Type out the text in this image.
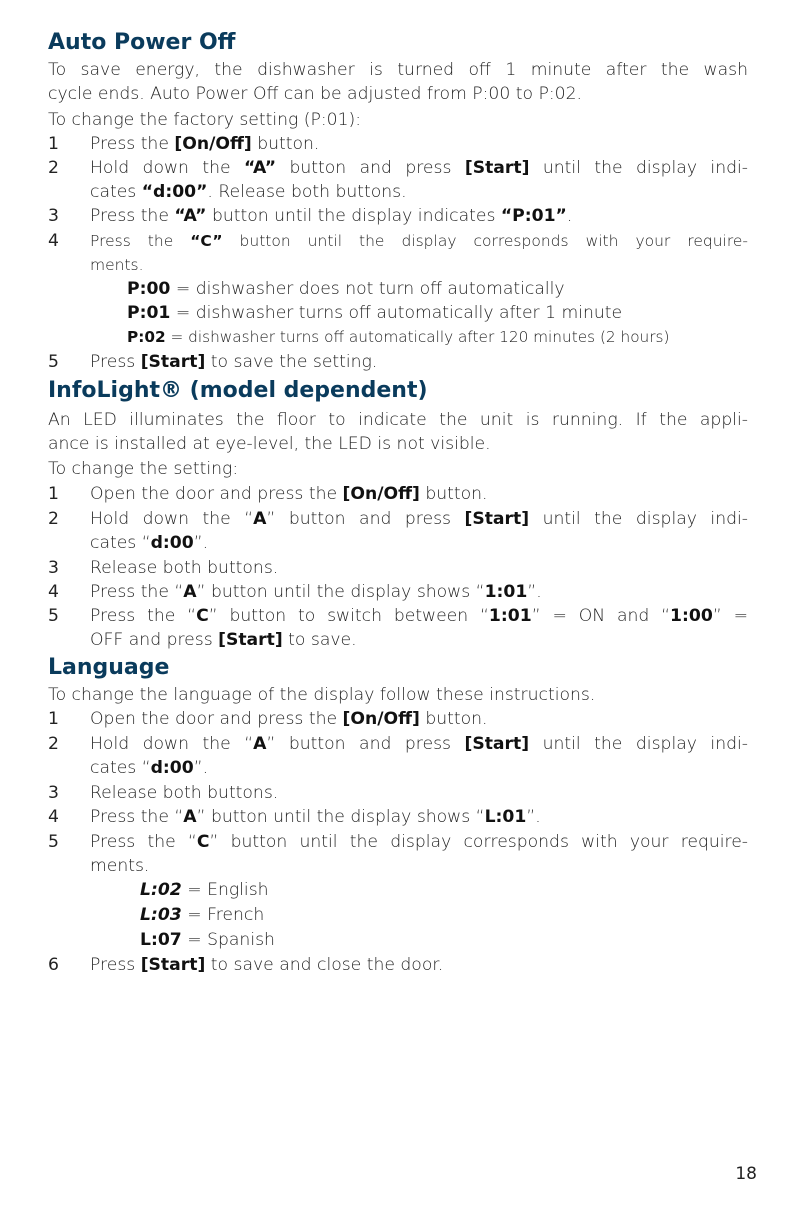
Auto Power Off

To save energy, the dishwasher is turned off 1 minute after the wash

cycle ends. Auto Power Off can be adjusted from P:00 to P:02.

To change the factory setting (P:01):

1 Press the [On/Off] button.

2 Hold down the “A” button and press [Start] until the display indi-

cates “d:00”. Release both buttons.

3 Press the “A” button until the display indicates “P:01”.

4 Press the “C” button until the display corresponds with your require-

ments.

P:00 = dishwasher does not turn off automatically

P:01 = dishwasher turns off automatically after 1 minute

P:02 = dishwasher turns off automatically after 120 minutes (2 hours)

5 Press [Start] to save the setting.

InfoLight® (model dependent)

An LED illuminates the floor to indicate the unit is running. If the appli-

ance is installed at eye-level, the LED is not visible.

To change the setting:

1 Open the door and press the [On/Off] button.

2 Hold down the “A” button and press [Start] until the display indi-

cates “d:00”.

3 Release both buttons.

4 Press the “A” button until the display shows “1:01”.

5 Press the “C” button to switch between “1:01” = ON and “1:00” =

OFF and press [Start] to save.

Language

To change the language of the display follow these instructions.

1 Open the door and press the [On/Off] button.

2 Hold down the “A” button and press [Start] until the display indi-

cates “d:00”.

3 Release both buttons.

4 Press the “A” button until the display shows “L:01”.

5 Press the “C” button until the display corresponds with your require-

ments.

L:02 = English

L:03 = French

L:07 = Spanish

6 Press [Start] to save and close the door.

18
